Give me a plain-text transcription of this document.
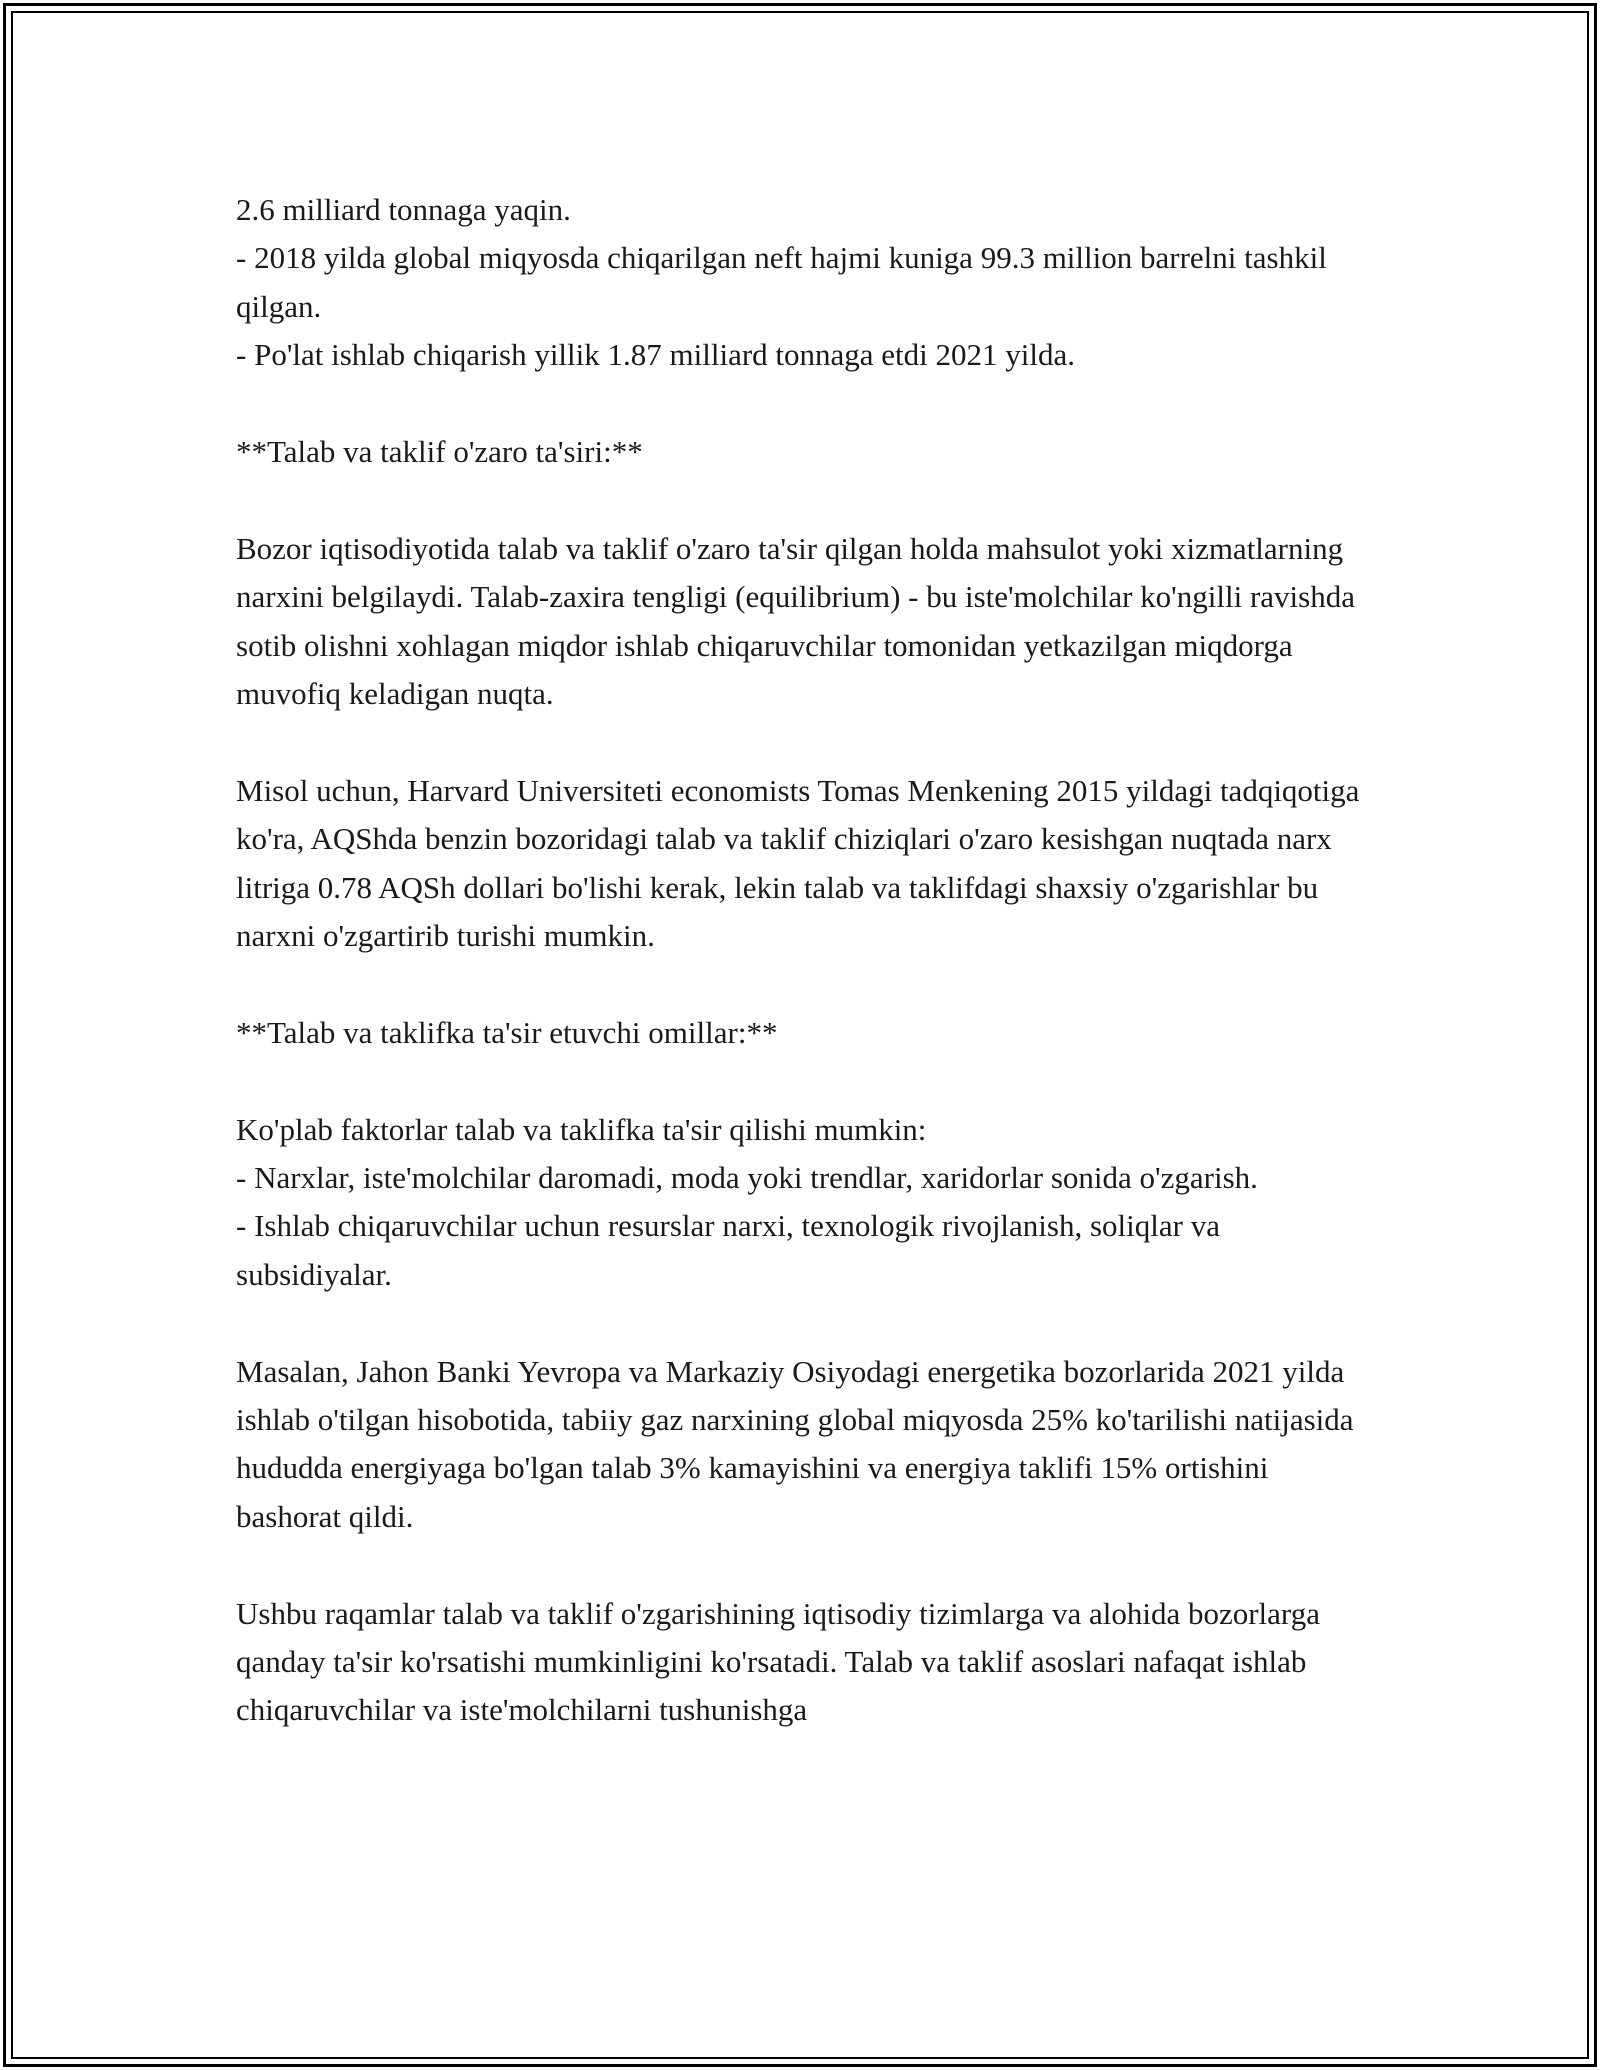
2.6 milliard tonnaga yaqin.

- 2018 yilda global miqyosda chiqarilgan neft hajmi kuniga 99.3 million barrelni tashkil qilgan.

- Po'lat ishlab chiqarish yillik 1.87 milliard tonnaga etdi 2021 yilda.

**Talab va taklif o'zaro ta'siri:**

Bozor iqtisodiyotida talab va taklif o'zaro ta'sir qilgan holda mahsulot yoki xizmatlarning narxini belgilaydi. Talab-zaxira tengligi (equilibrium) - bu iste'molchilar ko'ngilli ravishda sotib olishni xohlagan miqdor ishlab chiqaruvchilar tomonidan yetkazilgan miqdorga muvofiq keladigan nuqta.

Misol uchun, Harvard Universiteti economists Tomas Menkening 2015 yildagi tadqiqotiga ko'ra, AQShda benzin bozoridagi talab va taklif chiziqlari o'zaro kesishgan nuqtada narx litriga 0.78 AQSh dollari bo'lishi kerak, lekin talab va taklifdagi shaxsiy o'zgarishlar bu narxni o'zgartirib turishi mumkin.

**Talab va taklifka ta'sir etuvchi omillar:**

Ko'plab faktorlar talab va taklifka ta'sir qilishi mumkin:

- Narxlar, iste'molchilar daromadi, moda yoki trendlar, xaridorlar sonida o'zgarish.

- Ishlab chiqaruvchilar uchun resurslar narxi, texnologik rivojlanish, soliqlar va subsidiyalar.

Masalan, Jahon Banki Yevropa va Markaziy Osiyodagi energetika bozorlarida 2021 yilda ishlab o'tilgan hisobotida, tabiiy gaz narxining global miqyosda 25% ko'tarilishi natijasida hududda energiyaga bo'lgan talab 3% kamayishini va energiya taklifi 15% ortishini bashorat qildi.

Ushbu raqamlar talab va taklif o'zgarishining iqtisodiy tizimlarga va alohida bozorlarga qanday ta'sir ko'rsatishi mumkinligini ko'rsatadi. Talab va taklif asoslari nafaqat ishlab chiqaruvchilar va iste'molchilarni tushunishga
